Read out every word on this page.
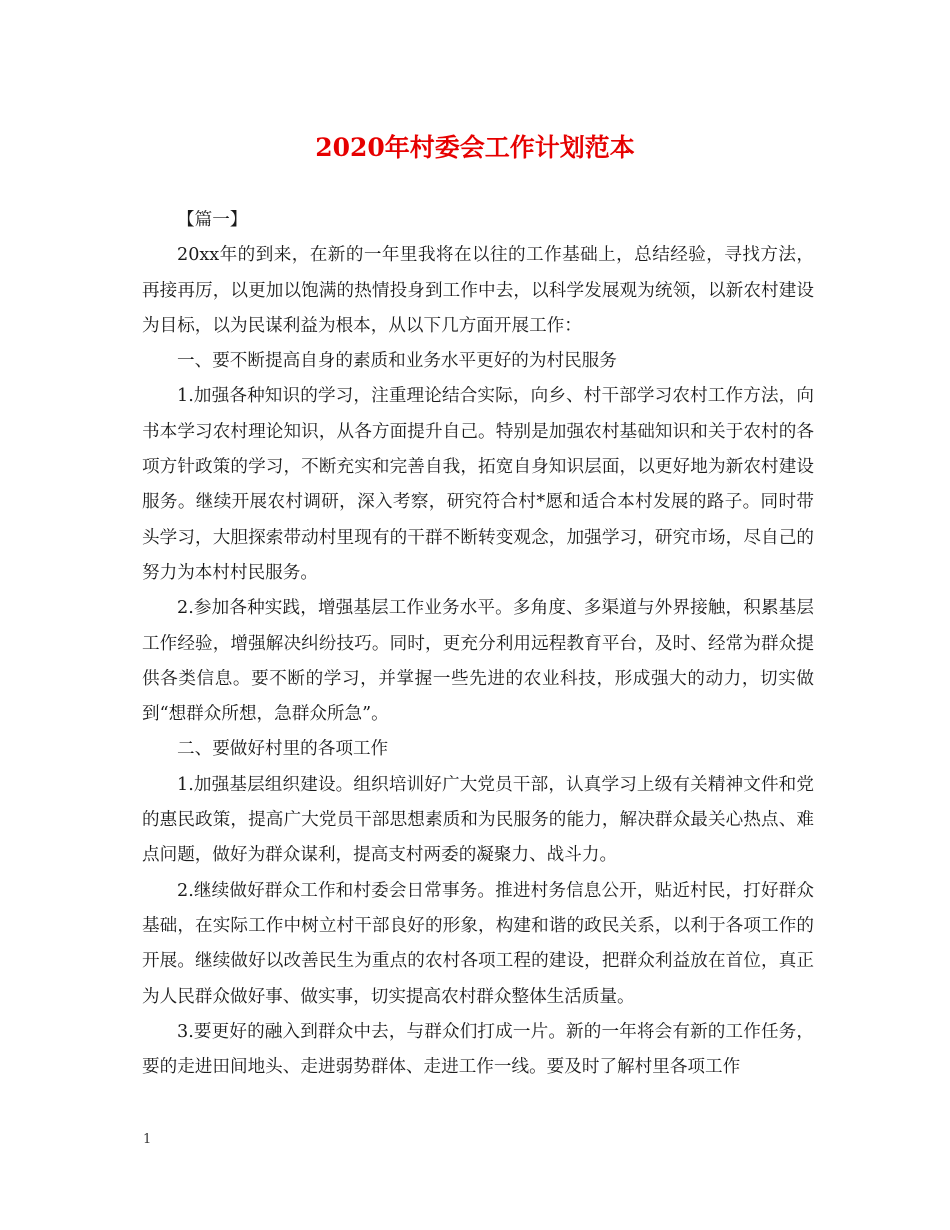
2020年村委会工作计划范本

【篇一】

20xx年的到来，在新的一年里我将在以往的工作基础上，总结经验，寻找方法，再接再厉，以更加以饱满的热情投身到工作中去，以科学发展观为统领，以新农村建设为目标，以为民谋利益为根本，从以下几方面开展工作：

一、要不断提高自身的素质和业务水平更好的为村民服务

1.加强各种知识的学习，注重理论结合实际，向乡、村干部学习农村工作方法，向书本学习农村理论知识，从各方面提升自己。特别是加强农村基础知识和关于农村的各项方针政策的学习，不断充实和完善自我，拓宽自身知识层面，以更好地为新农村建设服务。继续开展农村调研，深入考察，研究符合村*愿和适合本村发展的路子。同时带头学习，大胆探索带动村里现有的干群不断转变观念，加强学习，研究市场，尽自己的努力为本村村民服务。

2.参加各种实践，增强基层工作业务水平。多角度、多渠道与外界接触，积累基层工作经验，增强解决纠纷技巧。同时，更充分利用远程教育平台，及时、经常为群众提供各类信息。要不断的学习，并掌握一些先进的农业科技，形成强大的动力，切实做到“想群众所想，急群众所急”。

二、要做好村里的各项工作

1.加强基层组织建设。组织培训好广大党员干部，认真学习上级有关精神文件和党的惠民政策，提高广大党员干部思想素质和为民服务的能力，解决群众最关心热点、难点问题，做好为群众谋利，提高支村两委的凝聚力、战斗力。

2.继续做好群众工作和村委会日常事务。推进村务信息公开，贴近村民，打好群众基础，在实际工作中树立村干部良好的形象，构建和谐的政民关系，以利于各项工作的开展。继续做好以改善民生为重点的农村各项工程的建设，把群众利益放在首位，真正为人民群众做好事、做实事，切实提高农村群众整体生活质量。

3.要更好的融入到群众中去，与群众们打成一片。新的一年将会有新的工作任务，要的走进田间地头、走进弱势群体、走进工作一线。要及时了解村里各项工作

1
